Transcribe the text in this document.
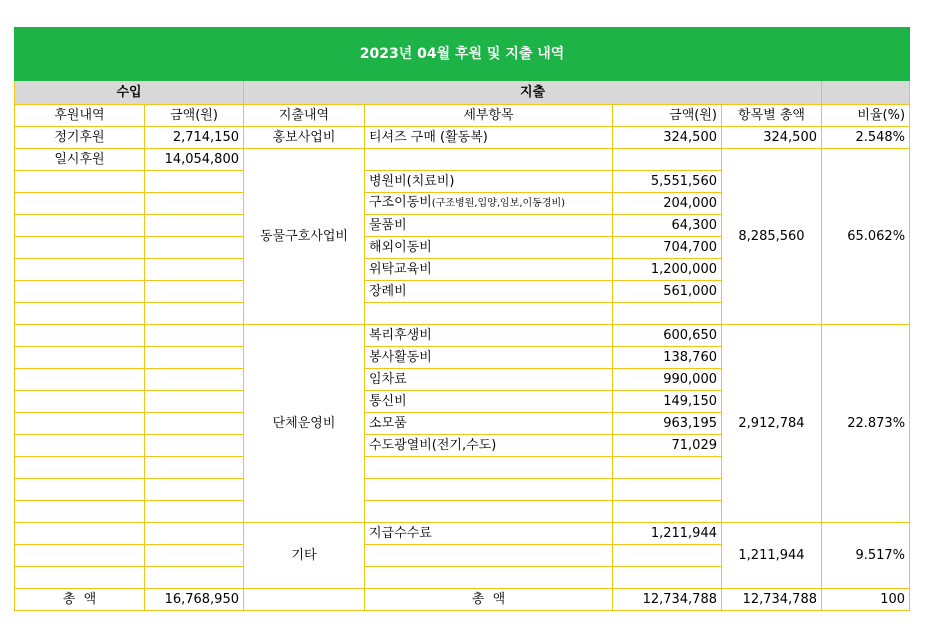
2023년 04월 후원 및 지출 내역						
수입		지출				
후원내역	금액(원)	지출내역	세부항목	금액(원)	항목별 총액	비율(%)
정기후원	2,714,150	홍보사업비	티셔즈 구매 (활동복)	324,500	324,500	2.548%
일시후원	14,054,800	동물구호사업비			8,285,560	65.062%
			병원비(치료비)	5,551,560		
			구조이동비(구조병원,입양,임보,이동경비)	204,000		
			물품비	64,300		
			해외이동비	704,700		
			위탁교육비	1,200,000		
			장례비	561,000		

		단체운영비	복리후생비	600,650	2,912,784	22.873%
			봉사활동비	138,760		
			임차료	990,000		
			통신비	149,150		
			소모품	963,195		
			수도광열비(전기,수도)	71,029		

		기타	지급수수료	1,211,944	1,211,944	9.517%

총  액	16,768,950		총  액	12,734,788	12,734,788	100
